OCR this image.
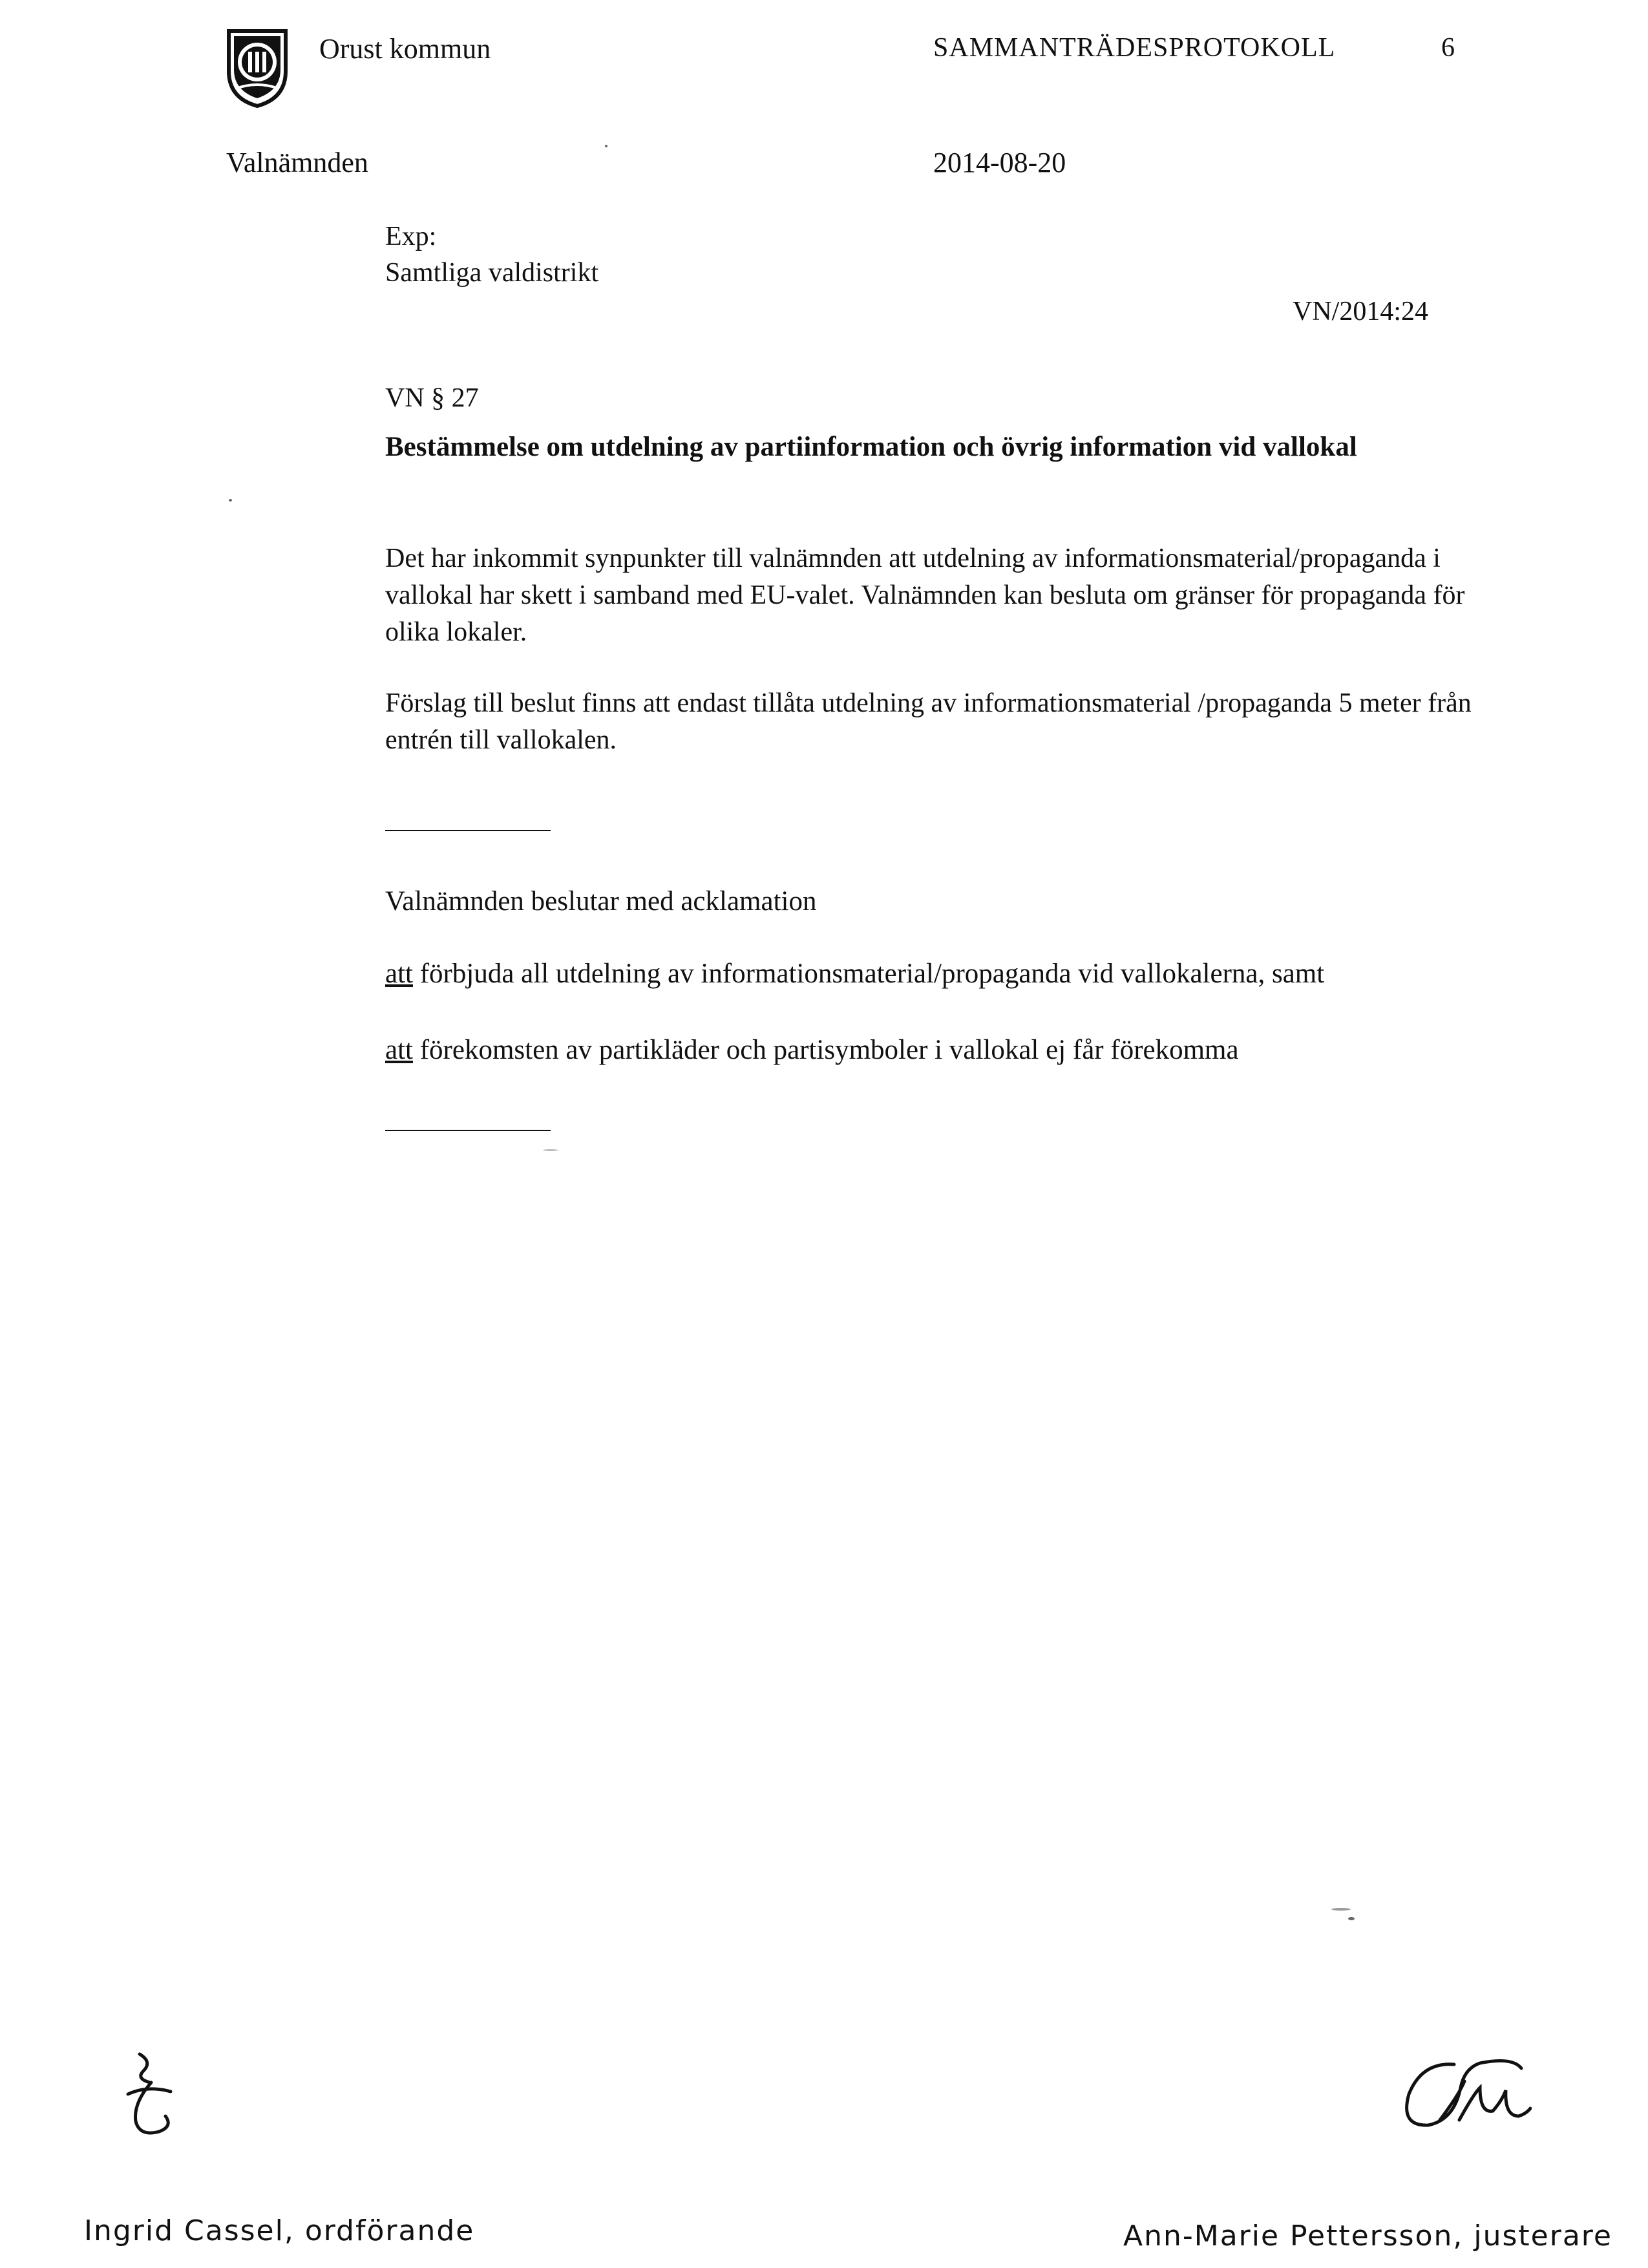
Orust kommun	SAMMANTRÄDESPROTOKOLL	6
Valnämnden	2014-08-20
Exp:
Samtliga valdistrikt
VN/2014:24
VN § 27
Bestämmelse om utdelning av partiinformation och övrig information vid vallokal
Det har inkommit synpunkter till valnämnden att utdelning av informationsmaterial/propaganda i vallokal har skett i samband med EU-valet. Valnämnden kan besluta om gränser för propaganda för olika lokaler.
Förslag till beslut finns att endast tillåta utdelning av informationsmaterial /propaganda 5 meter från entrén till vallokalen.
Valnämnden beslutar med acklamation
att förbjuda all utdelning av informationsmaterial/propaganda vid vallokalerna, samt
att förekomsten av partikläder och partisymboler i vallokal ej får förekomma
Ingrid Cassel, ordförande	Ann-Marie Pettersson, justerare
